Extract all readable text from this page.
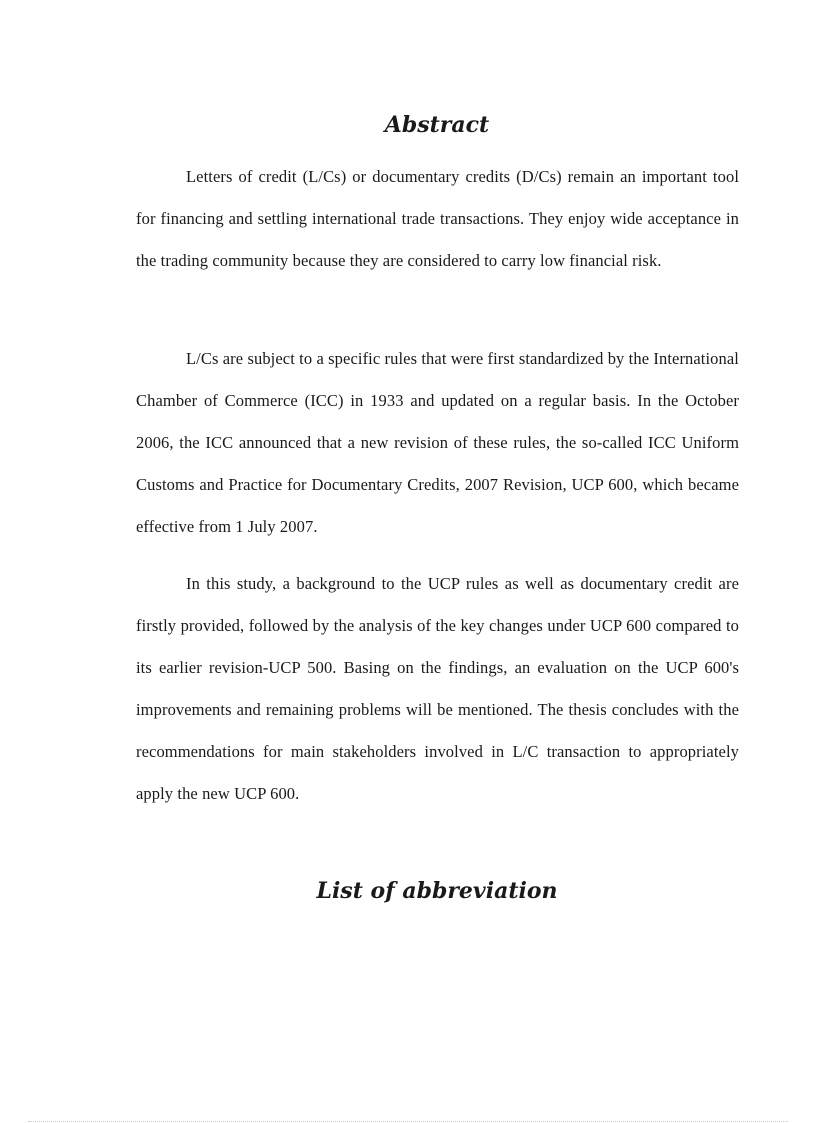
Abstract

Letters of credit (L/Cs) or documentary credits (D/Cs) remain an important tool for financing and settling international trade transactions. They enjoy wide acceptance in the trading community because they are considered to carry low financial risk.

L/Cs are subject to a specific rules that were first standardized by the International Chamber of Commerce (ICC) in 1933 and updated on a regular basis. In the October 2006, the ICC announced that a new revision of these rules, the so-called ICC Uniform Customs and Practice for Documentary Credits, 2007 Revision, UCP 600, which became effective from 1 July 2007.

In this study, a background to the UCP rules as well as documentary credit are firstly provided, followed by the analysis of the key changes under UCP 600 compared to its earlier revision-UCP 500. Basing on the findings, an evaluation on the UCP 600's improvements and remaining problems will be mentioned. The thesis concludes with the recommendations for main stakeholders involved in L/C transaction to appropriately apply the new UCP 600.

List of abbreviation
